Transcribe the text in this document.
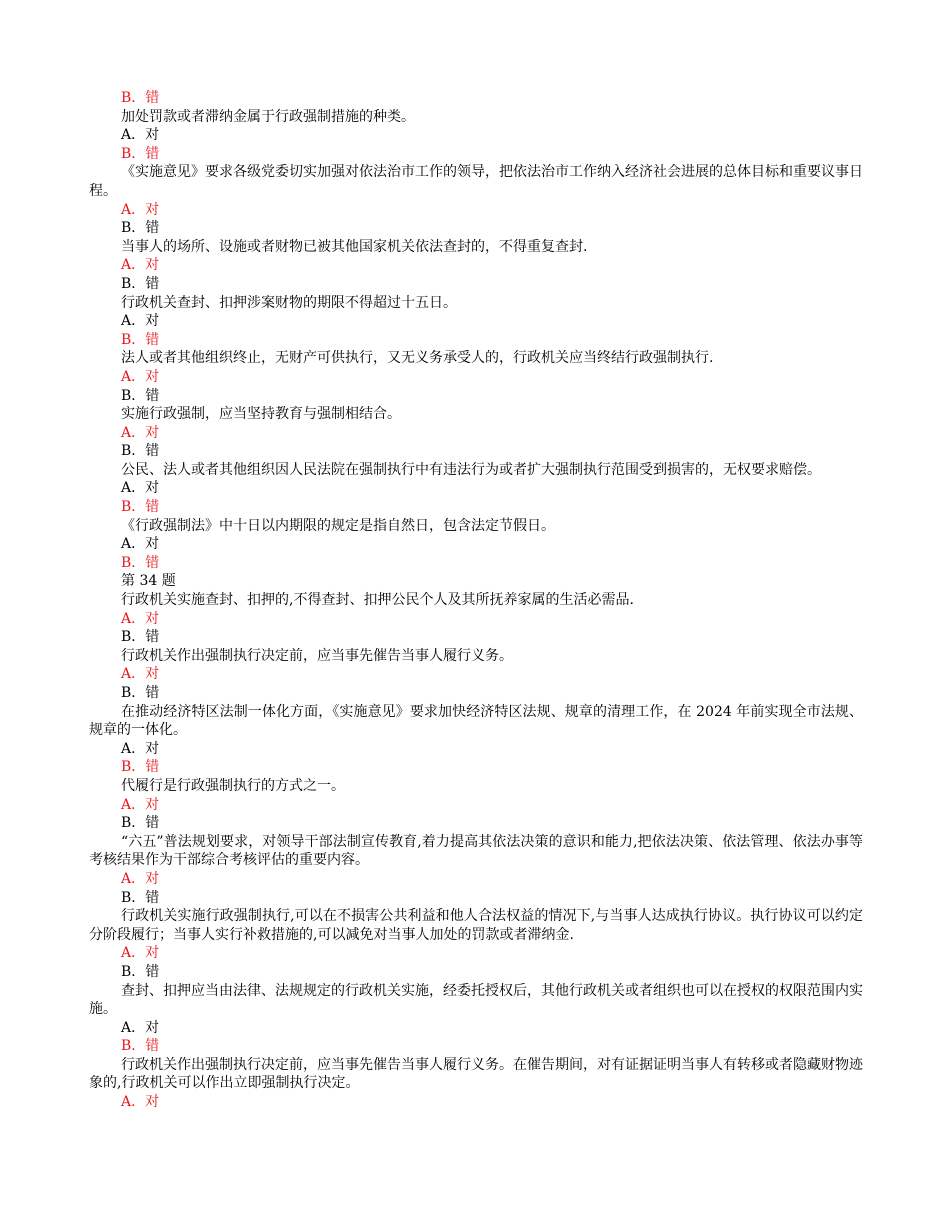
B．错
加处罚款或者滞纳金属于行政强制措施的种类。
A．对
B．错
《实施意见》要求各级党委切实加强对依法治市工作的领导，把依法治市工作纳入经济社会进展的总体目标和重要议事日程。
A．对
B．错
当事人的场所、设施或者财物已被其他国家机关依法查封的，不得重复查封.
A．对
B．错
行政机关查封、扣押涉案财物的期限不得超过十五日。
A．对
B．错
法人或者其他组织终止，无财产可供执行，又无义务承受人的，行政机关应当终结行政强制执行.
A．对
B．错
实施行政强制，应当坚持教育与强制相结合。
A．对
B．错
公民、法人或者其他组织因人民法院在强制执行中有违法行为或者扩大强制执行范围受到损害的，无权要求赔偿。
A．对
B．错
《行政强制法》中十日以内期限的规定是指自然日，包含法定节假日。
A．对
B．错
第 34 题
行政机关实施查封、扣押的,不得查封、扣押公民个人及其所抚养家属的生活必需品.
A．对
B．错
行政机关作出强制执行决定前，应当事先催告当事人履行义务。
A．对
B．错
在推动经济特区法制一体化方面，《实施意见》要求加快经济特区法规、规章的清理工作，在 2024 年前实现全市法规、规章的一体化。
A．对
B．错
代履行是行政强制执行的方式之一。
A．对
B．错
“六五”普法规划要求，对领导干部法制宣传教育,着力提高其依法决策的意识和能力,把依法决策、依法管理、依法办事等考核结果作为干部综合考核评估的重要内容。
A．对
B．错
行政机关实施行政强制执行,可以在不损害公共利益和他人合法权益的情况下,与当事人达成执行协议。执行协议可以约定分阶段履行；当事人实行补救措施的,可以减免对当事人加处的罚款或者滞纳金.
A．对
B．错
查封、扣押应当由法律、法规规定的行政机关实施，经委托授权后，其他行政机关或者组织也可以在授权的权限范围内实施。
A．对
B．错
行政机关作出强制执行决定前，应当事先催告当事人履行义务。在催告期间，对有证据证明当事人有转移或者隐藏财物迹象的,行政机关可以作出立即强制执行决定。
A．对
